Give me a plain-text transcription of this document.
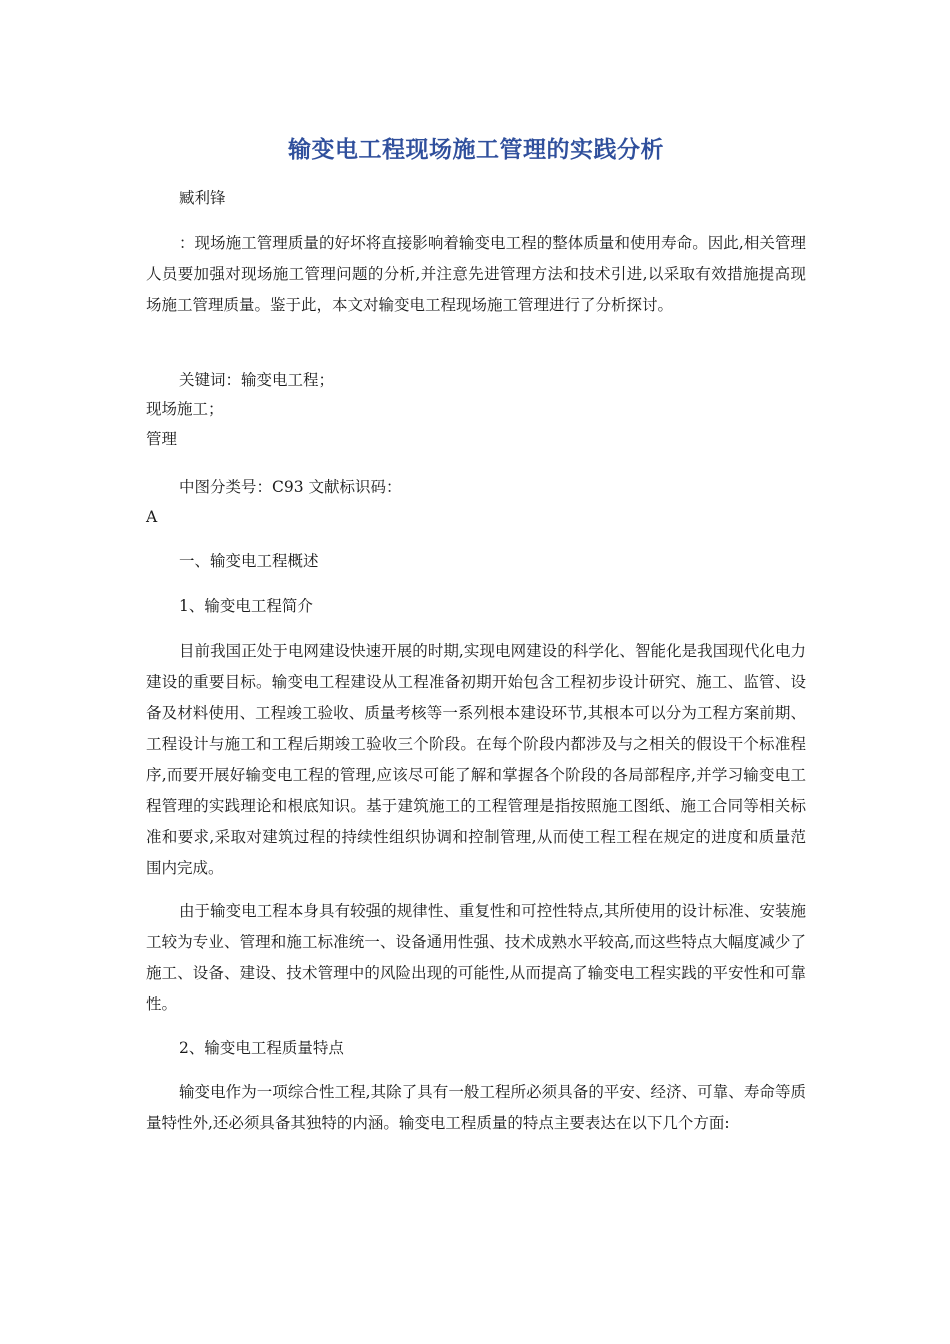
输变电工程现场施工管理的实践分析

臧利锋

：现场施工管理质量的好坏将直接影响着输变电工程的整体质量和使用寿命。因此,相关管理人员要加强对现场施工管理问题的分析,并注意先进管理方法和技术引进,以采取有效措施提高现场施工管理质量。鉴于此，本文对输变电工程现场施工管理进行了分析探讨。

关键词：输变电工程；

现场施工；

管理

中图分类号：C93 文献标识码：

A

一、输变电工程概述

1、输变电工程简介

目前我国正处于电网建设快速开展的时期,实现电网建设的科学化、智能化是我国现代化电力建设的重要目标。输变电工程建设从工程准备初期开始包含工程初步设计研究、施工、监管、设备及材料使用、工程竣工验收、质量考核等一系列根本建设环节,其根本可以分为工程方案前期、工程设计与施工和工程后期竣工验收三个阶段。在每个阶段内都涉及与之相关的假设干个标准程序,而要开展好输变电工程的管理,应该尽可能了解和掌握各个阶段的各局部程序,并学习输变电工程管理的实践理论和根底知识。基于建筑施工的工程管理是指按照施工图纸、施工合同等相关标准和要求,采取对建筑过程的持续性组织协调和控制管理,从而使工程工程在规定的进度和质量范围内完成。

由于输变电工程本身具有较强的规律性、重复性和可控性特点,其所使用的设计标准、安装施工较为专业、管理和施工标准统一、设备通用性强、技术成熟水平较高,而这些特点大幅度减少了施工、设备、建设、技术管理中的风险出现的可能性,从而提高了输变电工程实践的平安性和可靠性。

2、输变电工程质量特点

输变电作为一项综合性工程,其除了具有一般工程所必须具备的平安、经济、可靠、寿命等质量特性外,还必须具备其独特的内涵。输变电工程质量的特点主要表达在以下几个方面:
